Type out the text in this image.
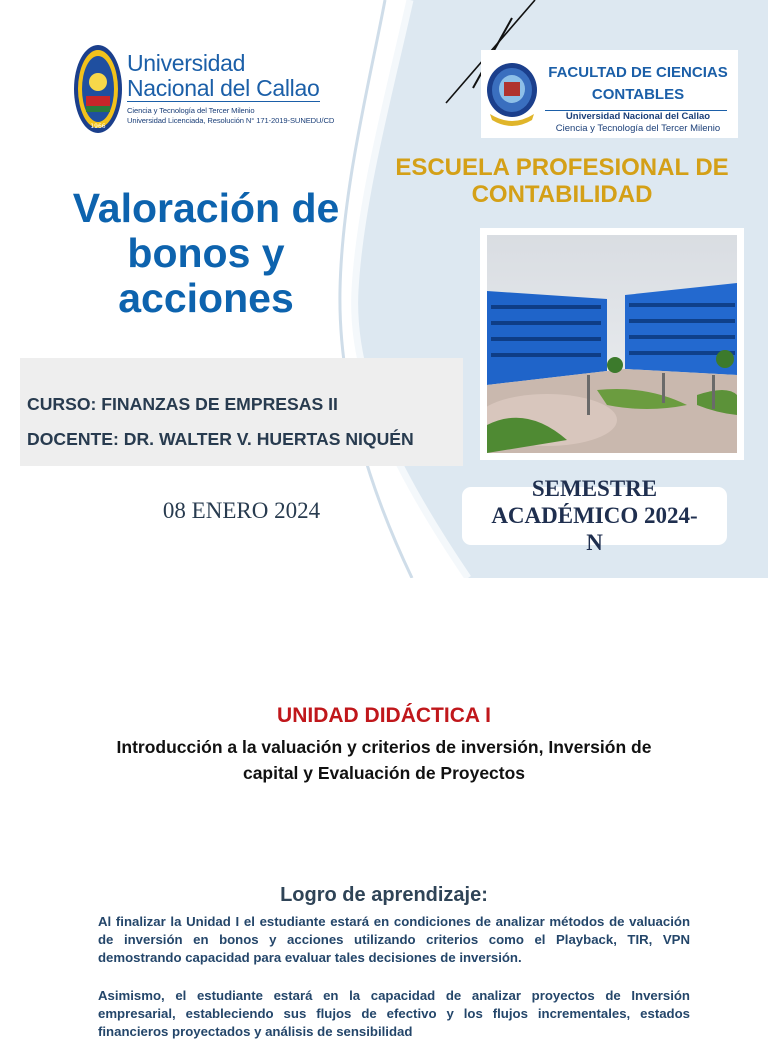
1966
Universidad
Nacional del Callao
Ciencia y Tecnología del Tercer Milenio
Universidad Licenciada, Resolución N° 171-2019-SUNEDU/CD
FACULTAD DE CIENCIAS
CONTABLES
Universidad Nacional del Callao
Ciencia y Tecnología del Tercer Milenio
ESCUELA PROFESIONAL DE
CONTABILIDAD
Valoración de
bonos y
acciones
CURSO: FINANZAS DE EMPRESAS II
DOCENTE: DR. WALTER V. HUERTAS NIQUÉN
08 ENERO 2024
SEMESTRE
ACADÉMICO 2024-
N
UNIDAD DIDÁCTICA I
Introducción a la valuación y criterios de inversión, Inversión de
capital y Evaluación de Proyectos
Logro de aprendizaje:
Al finalizar la Unidad I el estudiante estará en condiciones de analizar métodos de valuación de inversión en bonos y acciones utilizando criterios como el Playback, TIR, VPN demostrando capacidad para evaluar tales decisiones de inversión.
Asimismo, el estudiante estará en la capacidad de analizar proyectos de Inversión empresarial, estableciendo sus flujos de efectivo y los flujos incrementales, estados financieros proyectados y análisis de sensibilidad
